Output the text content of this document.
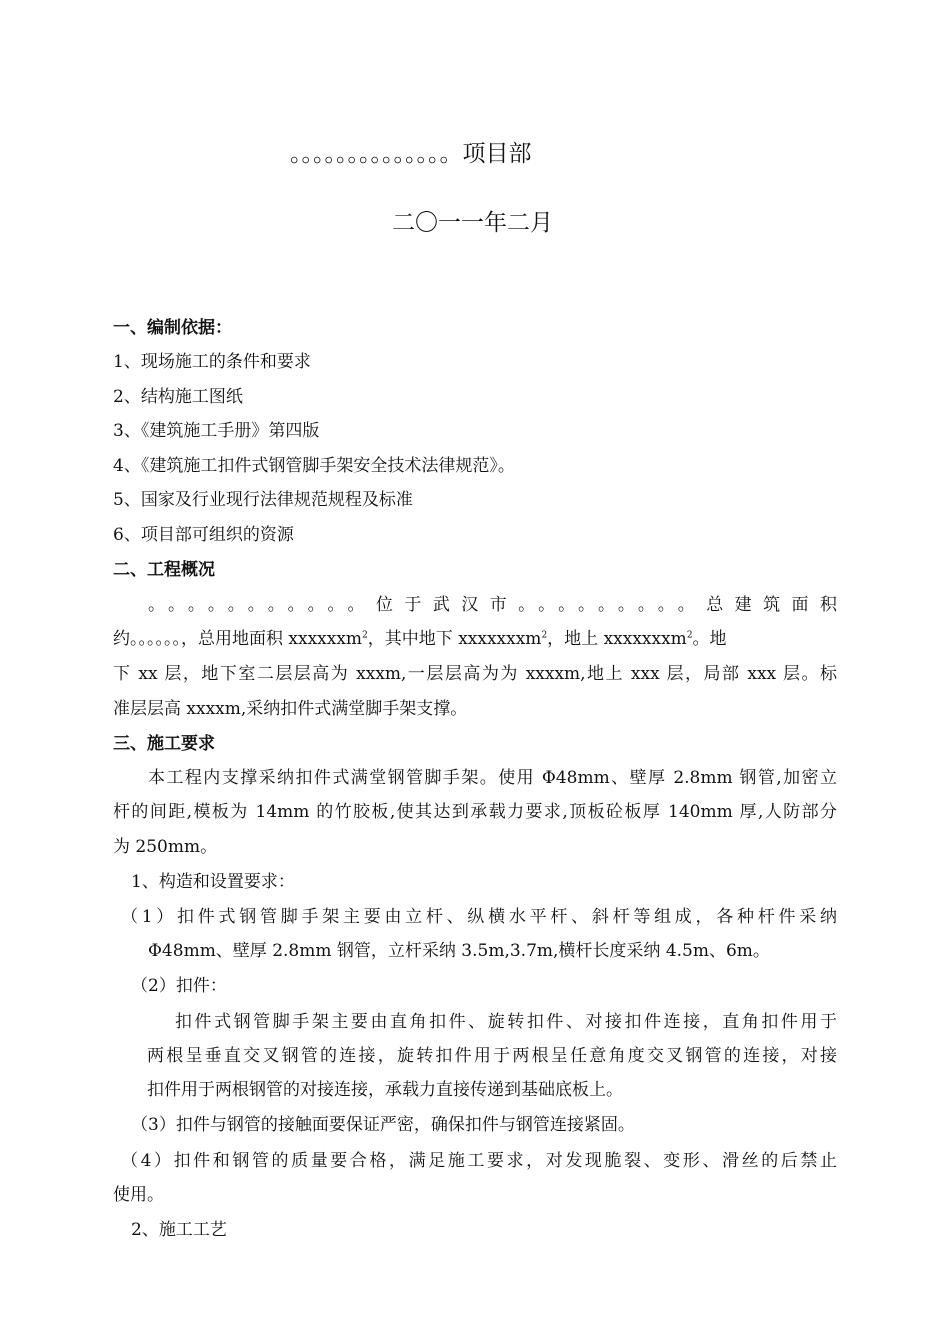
。。。。。。。。。。。。。。项目部
二〇一一年二月
一、编制依据：
1、现场施工的条件和要求
2、结构施工图纸
3、《建筑施工手册》第四版
4、《建筑施工扣件式钢管脚手架安全技术法律规范》。
5、国家及行业现行法律规范规程及标准
6、项目部可组织的资源
二、工程概况
。。。。。。。。。。。位于武汉市。。。。。。。。。总建筑面积
约。。。。。。，总用地面积 xxxxxxm$^2$，其中地下 xxxxxxxm$^2$，地上 xxxxxxxm$^2$。地
下 xx 层，地下室二层层高为 xxxm,一层层高为为 xxxxm,地上 xxx 层，局部 xxx 层。标
准层层高 xxxxm,采纳扣件式满堂脚手架支撑。
三、施工要求
本工程内支撑采纳扣件式满堂钢管脚手架。使用 Φ48mm、壁厚 2.8mm 钢管,加密立
杆的间距,模板为 14mm 的竹胶板,使其达到承载力要求,顶板砼板厚 140mm 厚,人防部分
为 250mm。
1、构造和设置要求：
（1）扣件式钢管脚手架主要由立杆、纵横水平杆、斜杆等组成，各种杆件采纳
Φ48mm、壁厚 2.8mm 钢管，立杆采纳 3.5m,3.7m,横杆长度采纳 4.5m、6m。
（2）扣件：
扣件式钢管脚手架主要由直角扣件、旋转扣件、对接扣件连接，直角扣件用于
两根呈垂直交叉钢管的连接，旋转扣件用于两根呈任意角度交叉钢管的连接，对接
扣件用于两根钢管的对接连接，承载力直接传递到基础底板上。
（3）扣件与钢管的接触面要保证严密，确保扣件与钢管连接紧固。
（4）扣件和钢管的质量要合格，满足施工要求，对发现脆裂、变形、滑丝的后禁止
使用。
2、施工工艺
